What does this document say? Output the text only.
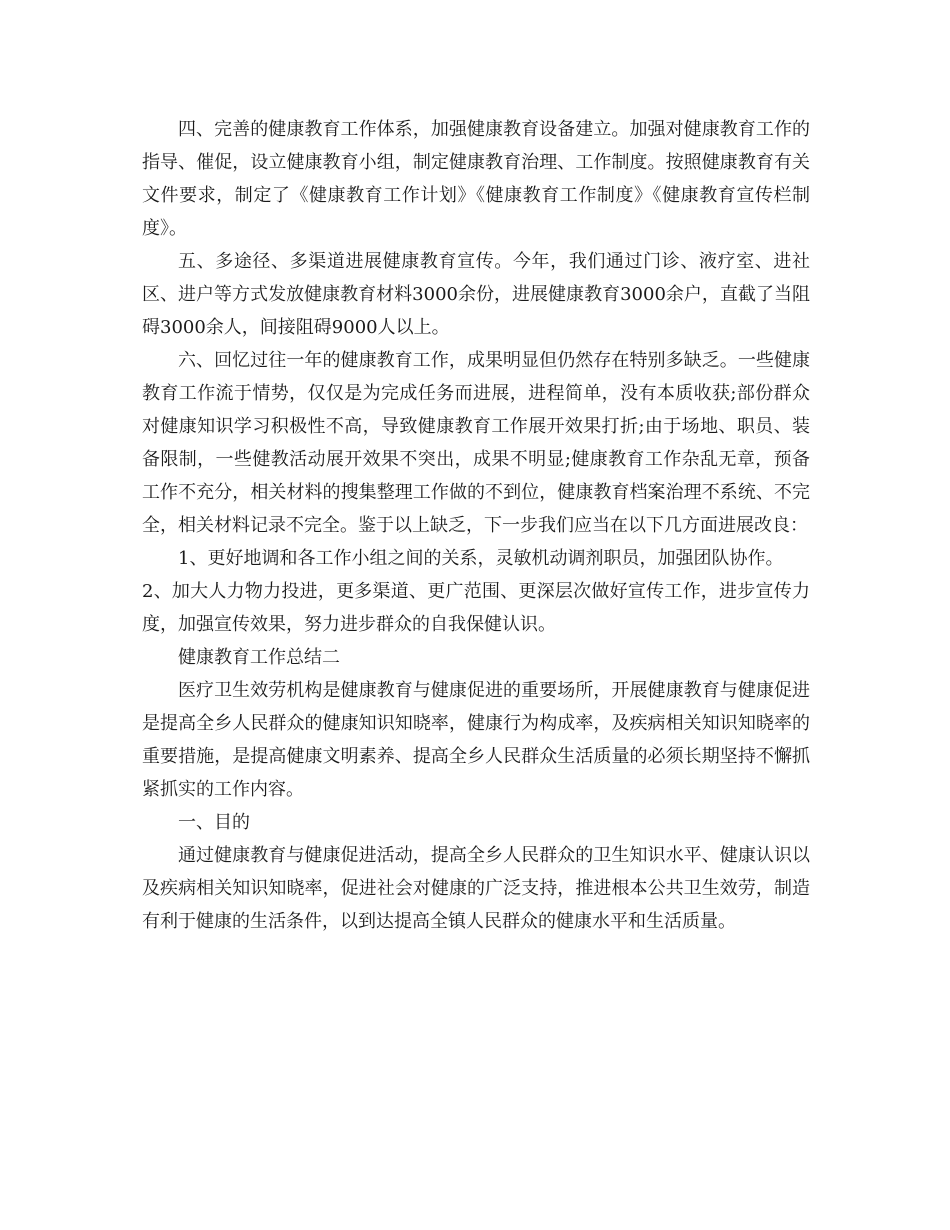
四、完善的健康教育工作体系，加强健康教育设备建立。加强对健康教育工作的指导、催促，设立健康教育小组，制定健康教育治理、工作制度。按照健康教育有关文件要求，制定了《健康教育工作计划》《健康教育工作制度》《健康教育宣传栏制度》。

五、多途径、多渠道进展健康教育宣传。今年，我们通过门诊、液疗室、进社区、进户等方式发放健康教育材料3000余份，进展健康教育3000余户，直截了当阻碍3000余人，间接阻碍9000人以上。

六、回忆过往一年的健康教育工作，成果明显但仍然存在特别多缺乏。一些健康教育工作流于情势，仅仅是为完成任务而进展，进程简单，没有本质收获;部份群众对健康知识学习积极性不高，导致健康教育工作展开效果打折;由于场地、职员、装备限制，一些健教活动展开效果不突出，成果不明显;健康教育工作杂乱无章，预备工作不充分，相关材料的搜集整理工作做的不到位，健康教育档案治理不系统、不完全，相关材料记录不完全。鉴于以上缺乏，下一步我们应当在以下几方面进展改良：

1、更好地调和各工作小组之间的关系，灵敏机动调剂职员，加强团队协作。

2、加大人力物力投进，更多渠道、更广范围、更深层次做好宣传工作，进步宣传力度，加强宣传效果，努力进步群众的自我保健认识。

健康教育工作总结二

医疗卫生效劳机构是健康教育与健康促进的重要场所，开展健康教育与健康促进是提高全乡人民群众的健康知识知晓率，健康行为构成率，及疾病相关知识知晓率的重要措施，是提高健康文明素养、提高全乡人民群众生活质量的必须长期坚持不懈抓紧抓实的工作内容。

一、目的

通过健康教育与健康促进活动，提高全乡人民群众的卫生知识水平、健康认识以及疾病相关知识知晓率，促进社会对健康的广泛支持，推进根本公共卫生效劳，制造有利于健康的生活条件，以到达提高全镇人民群众的健康水平和生活质量。
